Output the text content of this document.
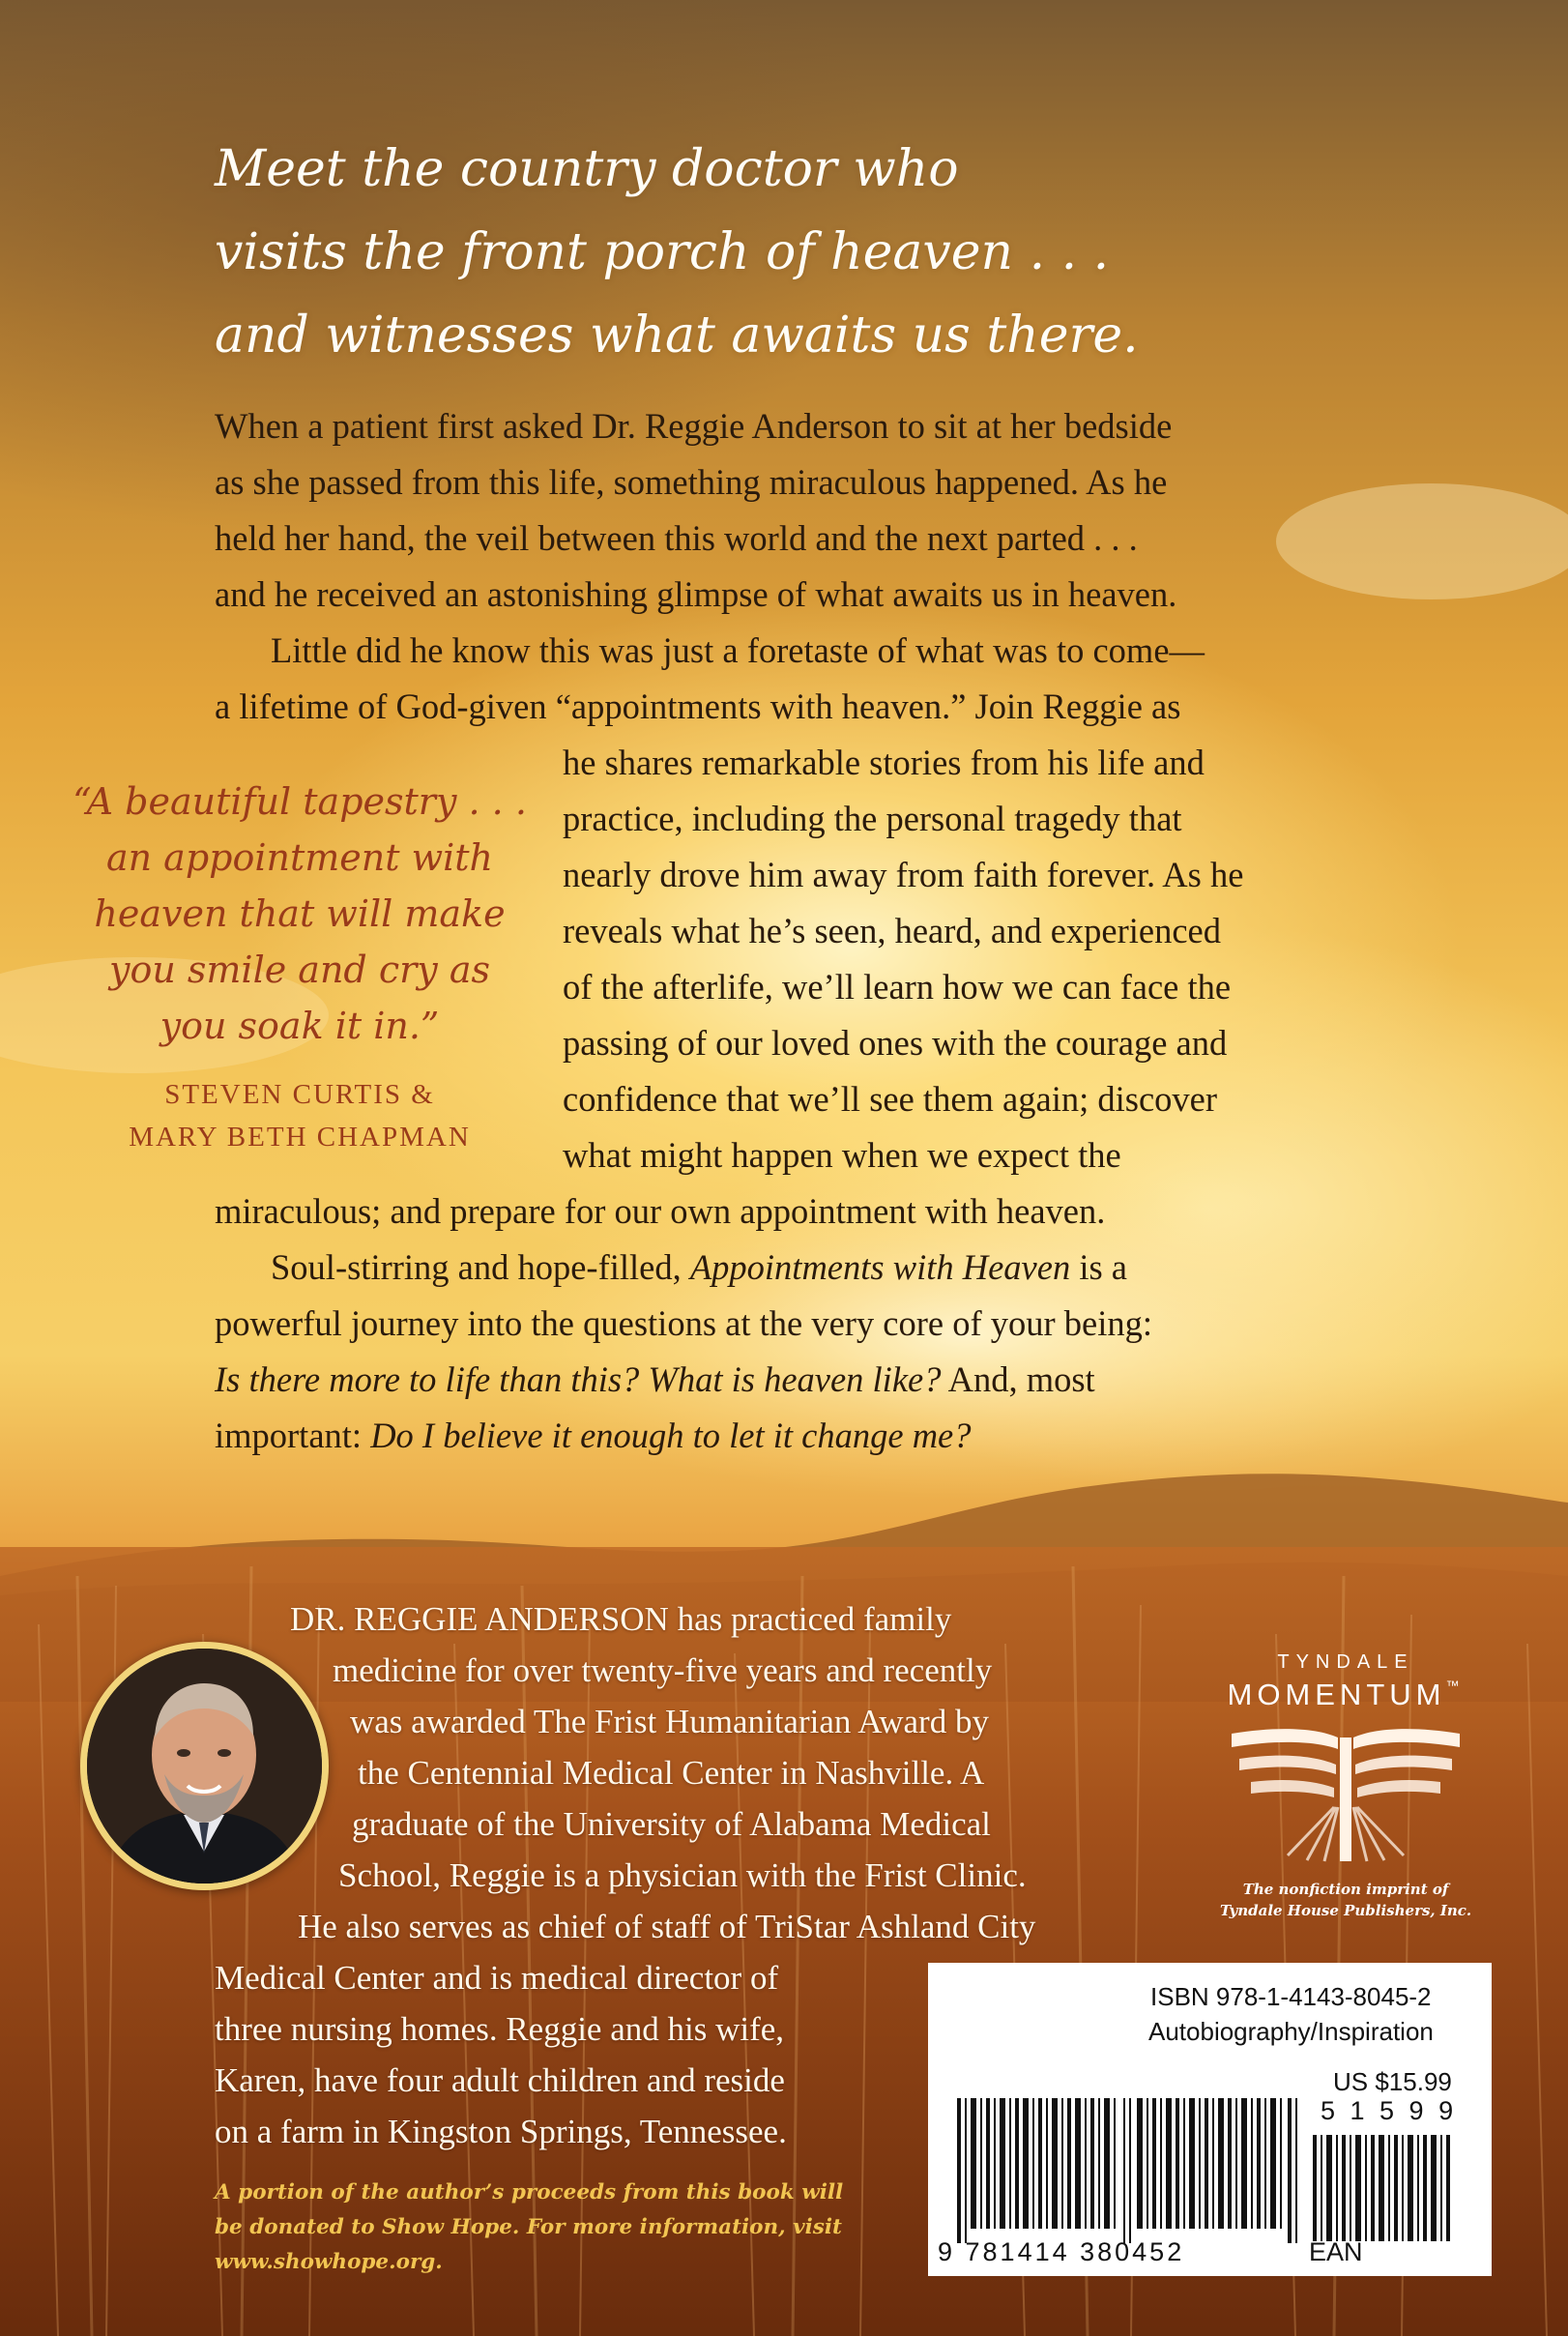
Meet the country doctor who
visits the front porch of heaven . . .
and witnesses what awaits us there.
When a patient first asked Dr. Reggie Anderson to sit at her bedside
as she passed from this life, something miraculous happened. As he
held her hand, the veil between this world and the next parted . . .
and he received an astonishing glimpse of what awaits us in heaven.
Little did he know this was just a foretaste of what was to come—
a lifetime of God-given “appointments with heaven.” Join Reggie as
he shares remarkable stories from his life and
practice, including the personal tragedy that
nearly drove him away from faith forever. As he
reveals what he’s seen, heard, and experienced
of the afterlife, we’ll learn how we can face the
passing of our loved ones with the courage and
confidence that we’ll see them again; discover
what might happen when we expect the
miraculous; and prepare for our own appointment with heaven.
Soul-stirring and hope-filled, Appointments with Heaven is a
powerful journey into the questions at the very core of your being:
Is there more to life than this? What is heaven like? And, most
important: Do I believe it enough to let it change me?
“A beautiful tapestry . . .
an appointment with
heaven that will make
you smile and cry as
you soak it in.”
STEVEN CURTIS &
MARY BETH CHAPMAN
DR. REGGIE ANDERSON has practiced family
medicine for over twenty-five years and recently
was awarded The Frist Humanitarian Award by
the Centennial Medical Center in Nashville. A
graduate of the University of Alabama Medical
School, Reggie is a physician with the Frist Clinic.
He also serves as chief of staff of TriStar Ashland City
Medical Center and is medical director of
three nursing homes. Reggie and his wife,
Karen, have four adult children and reside
on a farm in Kingston Springs, Tennessee.
A portion of the author’s proceeds from this book will
be donated to Show Hope. For more information, visit
www.showhope.org.
TYNDALE
MOMENTUM™
The nonfiction imprint of
Tyndale House Publishers, Inc.
ISBN 978-1-4143-8045-2
Autobiography/Inspiration
US $15.99
5 1 5 9 9
9 781414 380452	EAN
